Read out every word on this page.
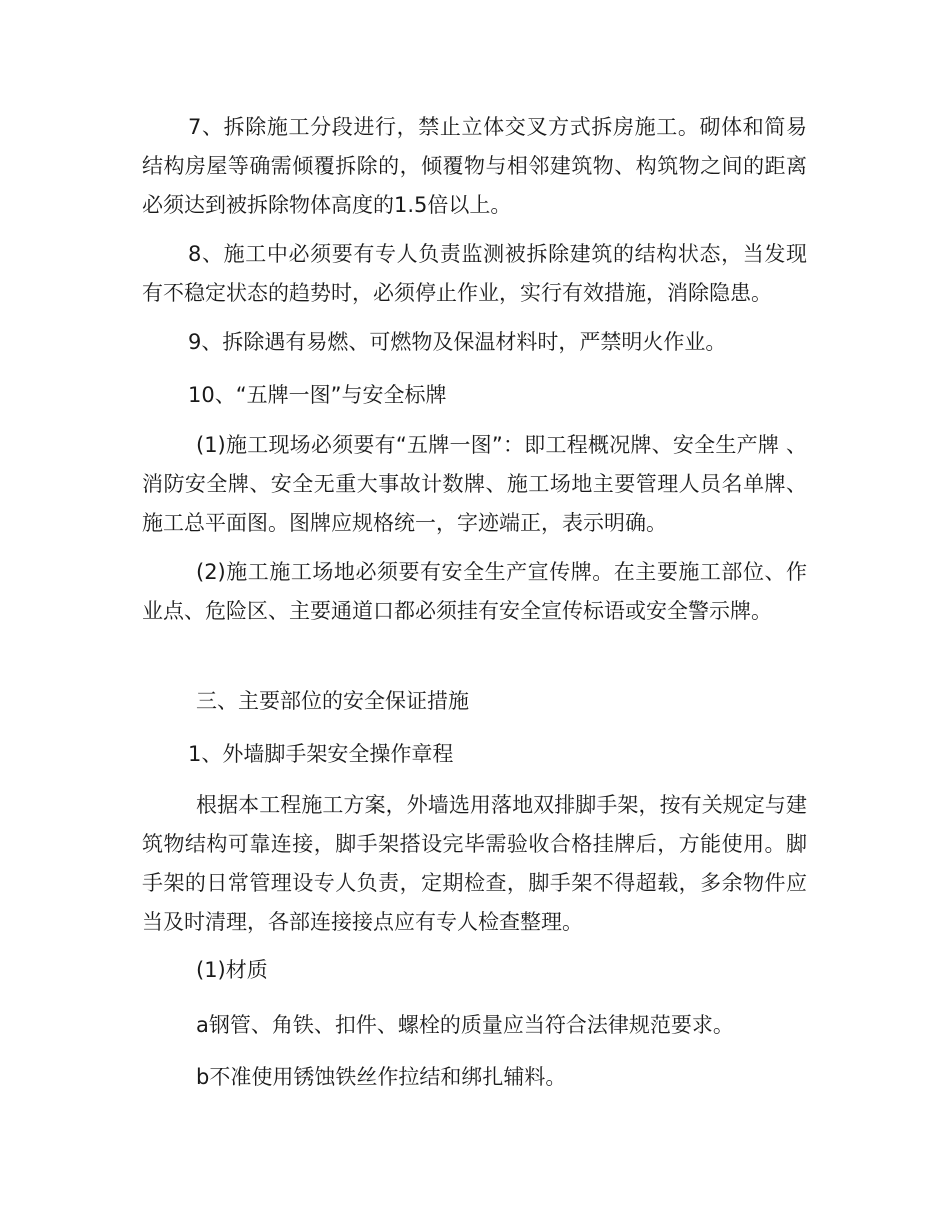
7、拆除施工分段进行，禁止立体交叉方式拆房施工。砌体和简易结构房屋等确需倾覆拆除的，倾覆物与相邻建筑物、构筑物之间的距离必须达到被拆除物体高度的1.5倍以上。

8、施工中必须要有专人负责监测被拆除建筑的结构状态，当发现有不稳定状态的趋势时，必须停止作业，实行有效措施，消除隐患。

9、拆除遇有易燃、可燃物及保温材料时，严禁明火作业。

10、“五牌一图”与安全标牌

(1)施工现场必须要有“五牌一图”：即工程概况牌、安全生产牌 、消防安全牌、安全无重大事故计数牌、施工场地主要管理人员名单牌、施工总平面图。图牌应规格统一，字迹端正，表示明确。

(2)施工施工场地必须要有安全生产宣传牌。在主要施工部位、作业点、危险区、主要通道口都必须挂有安全宣传标语或安全警示牌。

三、主要部位的安全保证措施

1、外墙脚手架安全操作章程

根据本工程施工方案，外墙选用落地双排脚手架，按有关规定与建筑物结构可靠连接，脚手架搭设完毕需验收合格挂牌后，方能使用。脚手架的日常管理设专人负责，定期检查，脚手架不得超载，多余物件应当及时清理，各部连接接点应有专人检查整理。

(1)材质

a钢管、角铁、扣件、螺栓的质量应当符合法律规范要求。

b不准使用锈蚀铁丝作拉结和绑扎辅料。
